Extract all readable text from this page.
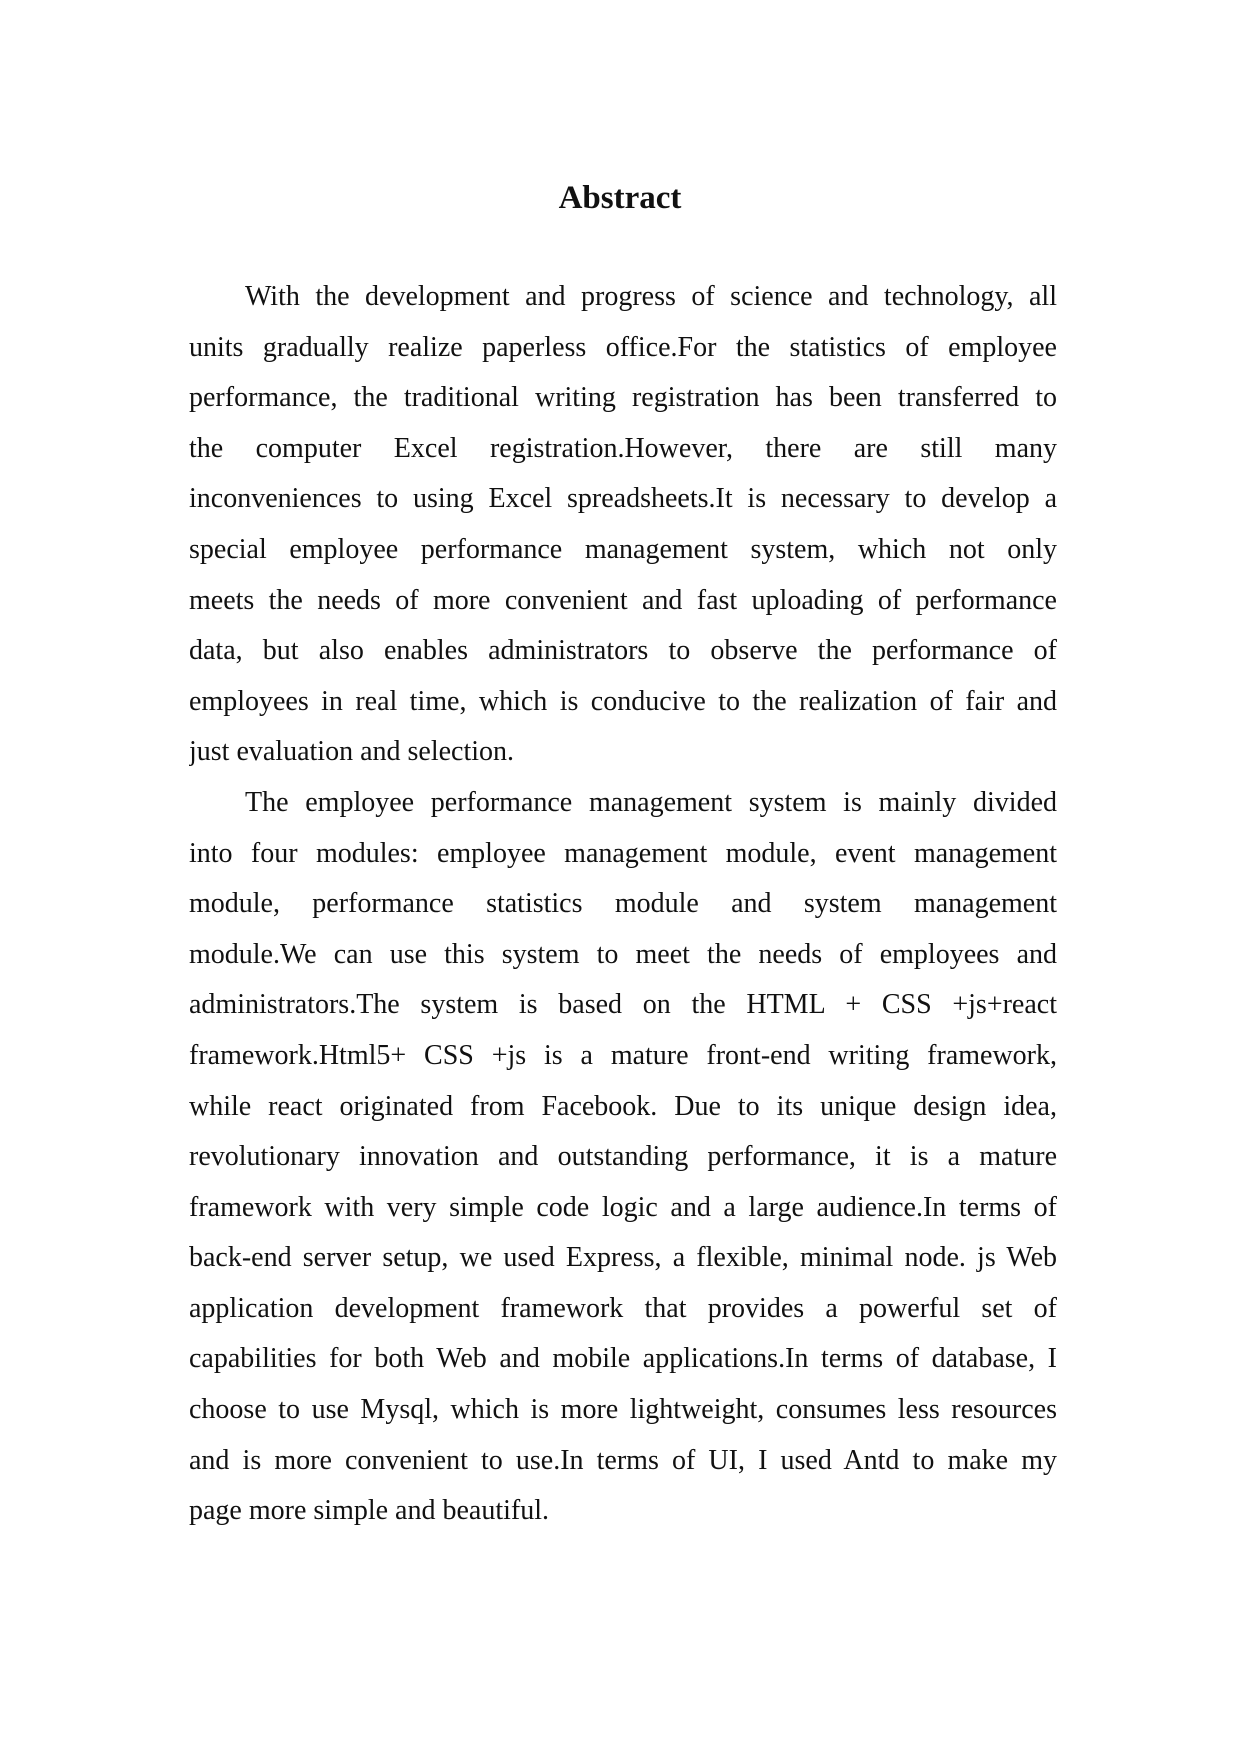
Abstract
With the development and progress of science and technology, all
units gradually realize paperless office.For the statistics of employee
performance, the traditional writing registration has been transferred to
the computer Excel registration.However, there are still many
inconveniences to using Excel spreadsheets.It is necessary to develop a
special employee performance management system, which not only
meets the needs of more convenient and fast uploading of performance
data, but also enables administrators to observe the performance of
employees in real time, which is conducive to the realization of fair and
just evaluation and selection.
The employee performance management system is mainly divided
into four modules: employee management module, event management
module, performance statistics module and system management
module.We can use this system to meet the needs of employees and
administrators.The system is based on the HTML + CSS +js+react
framework.Html5+ CSS +js is a mature front-end writing framework,
while react originated from Facebook. Due to its unique design idea,
revolutionary innovation and outstanding performance, it is a mature
framework with very simple code logic and a large audience.In terms of
back-end server setup, we used Express, a flexible, minimal node. js Web
application development framework that provides a powerful set of
capabilities for both Web and mobile applications.In terms of database, I
choose to use Mysql, which is more lightweight, consumes less resources
and is more convenient to use.In terms of UI, I used Antd to make my
page more simple and beautiful.
